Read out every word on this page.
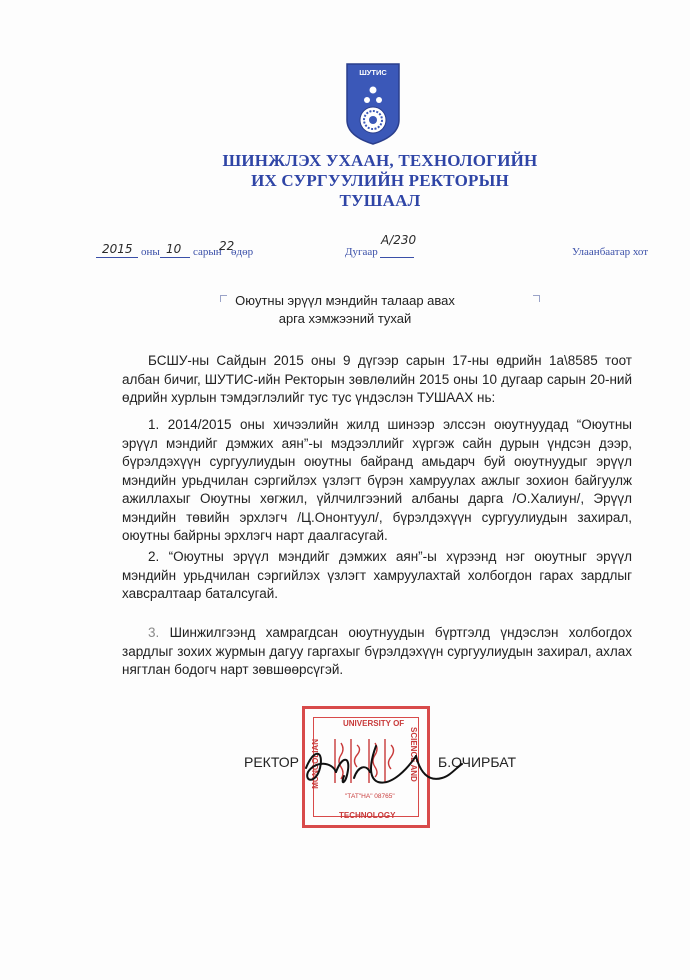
ШУТИС
ШИНЖЛЭХ УХААН, ТЕХНОЛОГИЙН
ИХ СУРГУУЛИЙН РЕКТОРЫН
ТУШААЛ
2015 оны 10 сарын
22
өдөр	Дугаар
А/230
Улаанбаатар хот
Оюутны эрүүл мэндийн талаар авах
арга хэмжээний тухай
БСШУ-ны Сайдын 2015 оны 9 дүгээр сарын 17-ны өдрийн 1а\8585 тоот албан бичиг, ШУТИС-ийн Ректорын зөвлөлийн 2015 оны 10 дугаар сарын 20-ний өдрийн хурлын тэмдэглэлийг тус тус үндэслэн ТУШААХ нь:
1. 2014/2015 оны хичээлийн жилд шинээр элссэн оюутнуудад “Оюутны эрүүл мэндийг дэмжих аян”-ы мэдээллийг хүргэж сайн дурын үндсэн дээр, бүрэлдэхүүн сургуулиудын оюутны байранд амьдарч буй оюутнуудыг эрүүл мэндийн урьдчилан сэргийлэх үзлэгт бүрэн хамруулах ажлыг зохион байгуулж ажиллахыг Оюутны хөгжил, үйлчилгээний албаны дарга /О.Халиун/, Эрүүл мэндийн төвийн эрхлэгч /Ц.Ононтуул/, бүрэлдэхүүн сургуулиудын захирал, оюутны байрны эрхлэгч нарт даалгасугай.
2. “Оюутны эрүүл мэндийг дэмжих аян”-ы хүрээнд нэг оюутныг эрүүл мэндийн урьдчилан сэргийлэх үзлэгт хамруулахтай холбогдон гарах зардлыг хавсралтаар баталсугай.
3. Шинжилгээнд хамрагдсан оюутнуудын бүртгэлд үндэслэн холбогдох зардлыг зохих журмын дагуу гаргахыг бүрэлдэхүүн сургуулиудын захирал, ахлах нягтлан бодогч нарт зөвшөөрсүгэй.
РЕКТОР	Б.ОЧИРБАТ
UNIVERSITY OF
MONGOLIAN	SCIENCE AND
TECHNOLOGY
"ТАТ"НА" 08765"
